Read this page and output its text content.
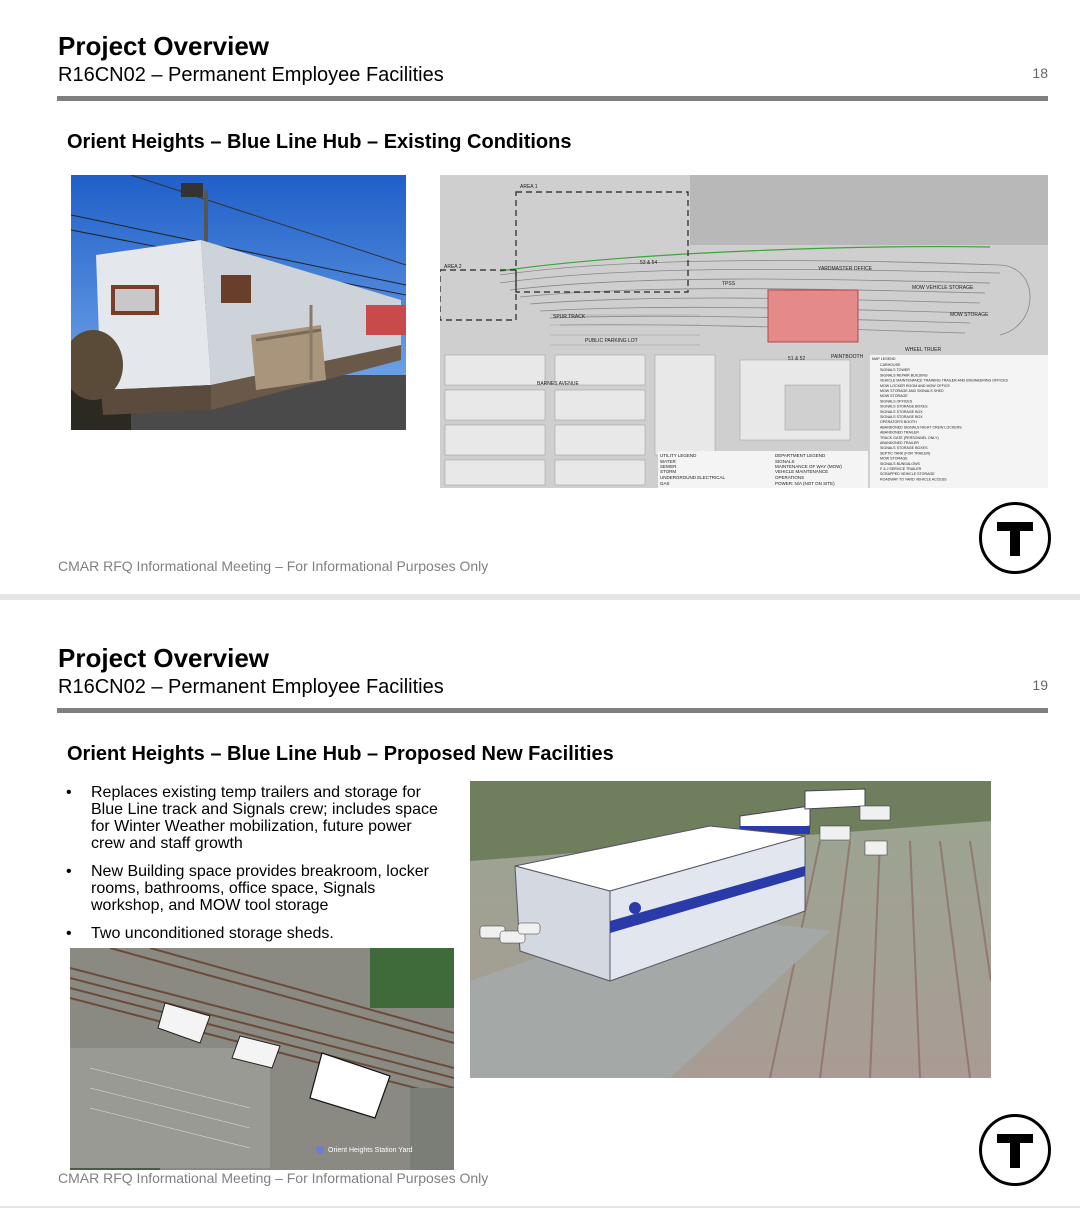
Project Overview
R16CN02 – Permanent Employee Facilities	18
Orient Heights – Blue Line Hub – Existing Conditions
AREA 1
AREA 2	YARDMASTER OFFICE
TPSS
MOW VEHICLE STORAGE
MOW STORAGE
WHEEL TRUER
SPUR TRACK
PUBLIC PARKING LOT
BARNES AVENUE
PAINTBOOTH
51 & 52
53 & 54
UTILITY LEGEND
WATER
SEWER
STORM
UNDERGROUND ELECTRICAL
GAS
DEPARTMENT LEGEND
SIGNALS
MAINTENANCE OF WAY (MOW)
VEHICLE MAINTENANCE
OPERATIONS
POWER: N/A (NOT ON SITE)
MAP LEGEND
CARHOUSE
SIGNALS TOWER
SIGNALS REPAIR BUILDING
VEHICLE MAINTENANCE TRAINING TRAILER AND ENGINEERING OFFICES
MOW LOCKER ROOM AND MOW OFFICE
MOW STORAGE AND SIGNALS SHED
MOW STORAGE
SIGNALS OFFICES
SIGNALS STORAGE BOXES
SIGNALS STORAGE BOX
SIGNALS STORAGE BOX
OPERATOR'S BOOTH
ABANDONED SIGNALS NIGHT CREW LOCKERS
ABANDONED TRAILER
TRACK GATE (PERSONNEL ONLY)
ABANDONED TRAILER
SIGNALS STORAGE BOXES
SEPTIC TANK (FOR TRAILER)
MOW STORAGE
SIGNALS BUNGALOWS
F & J SERVICE TRAILER
SCRAPPED VEHICLE STORAGE
ROADWAY TO YARD VEHICLE ACCESS
CMAR RFQ Informational Meeting – For Informational Purposes Only
Project Overview
R16CN02 – Permanent Employee Facilities	19
Orient Heights – Blue Line Hub – Proposed New Facilities
• Replaces existing temp trailers and storage for Blue Line track and Signals crew; includes space for Winter Weather mobilization, future power crew and staff growth
• New Building space provides breakroom, locker rooms, bathrooms, office space, Signals workshop, and MOW tool storage
• Two unconditioned storage sheds.
Orient Heights Station Yard
CMAR RFQ Informational Meeting – For Informational Purposes Only
